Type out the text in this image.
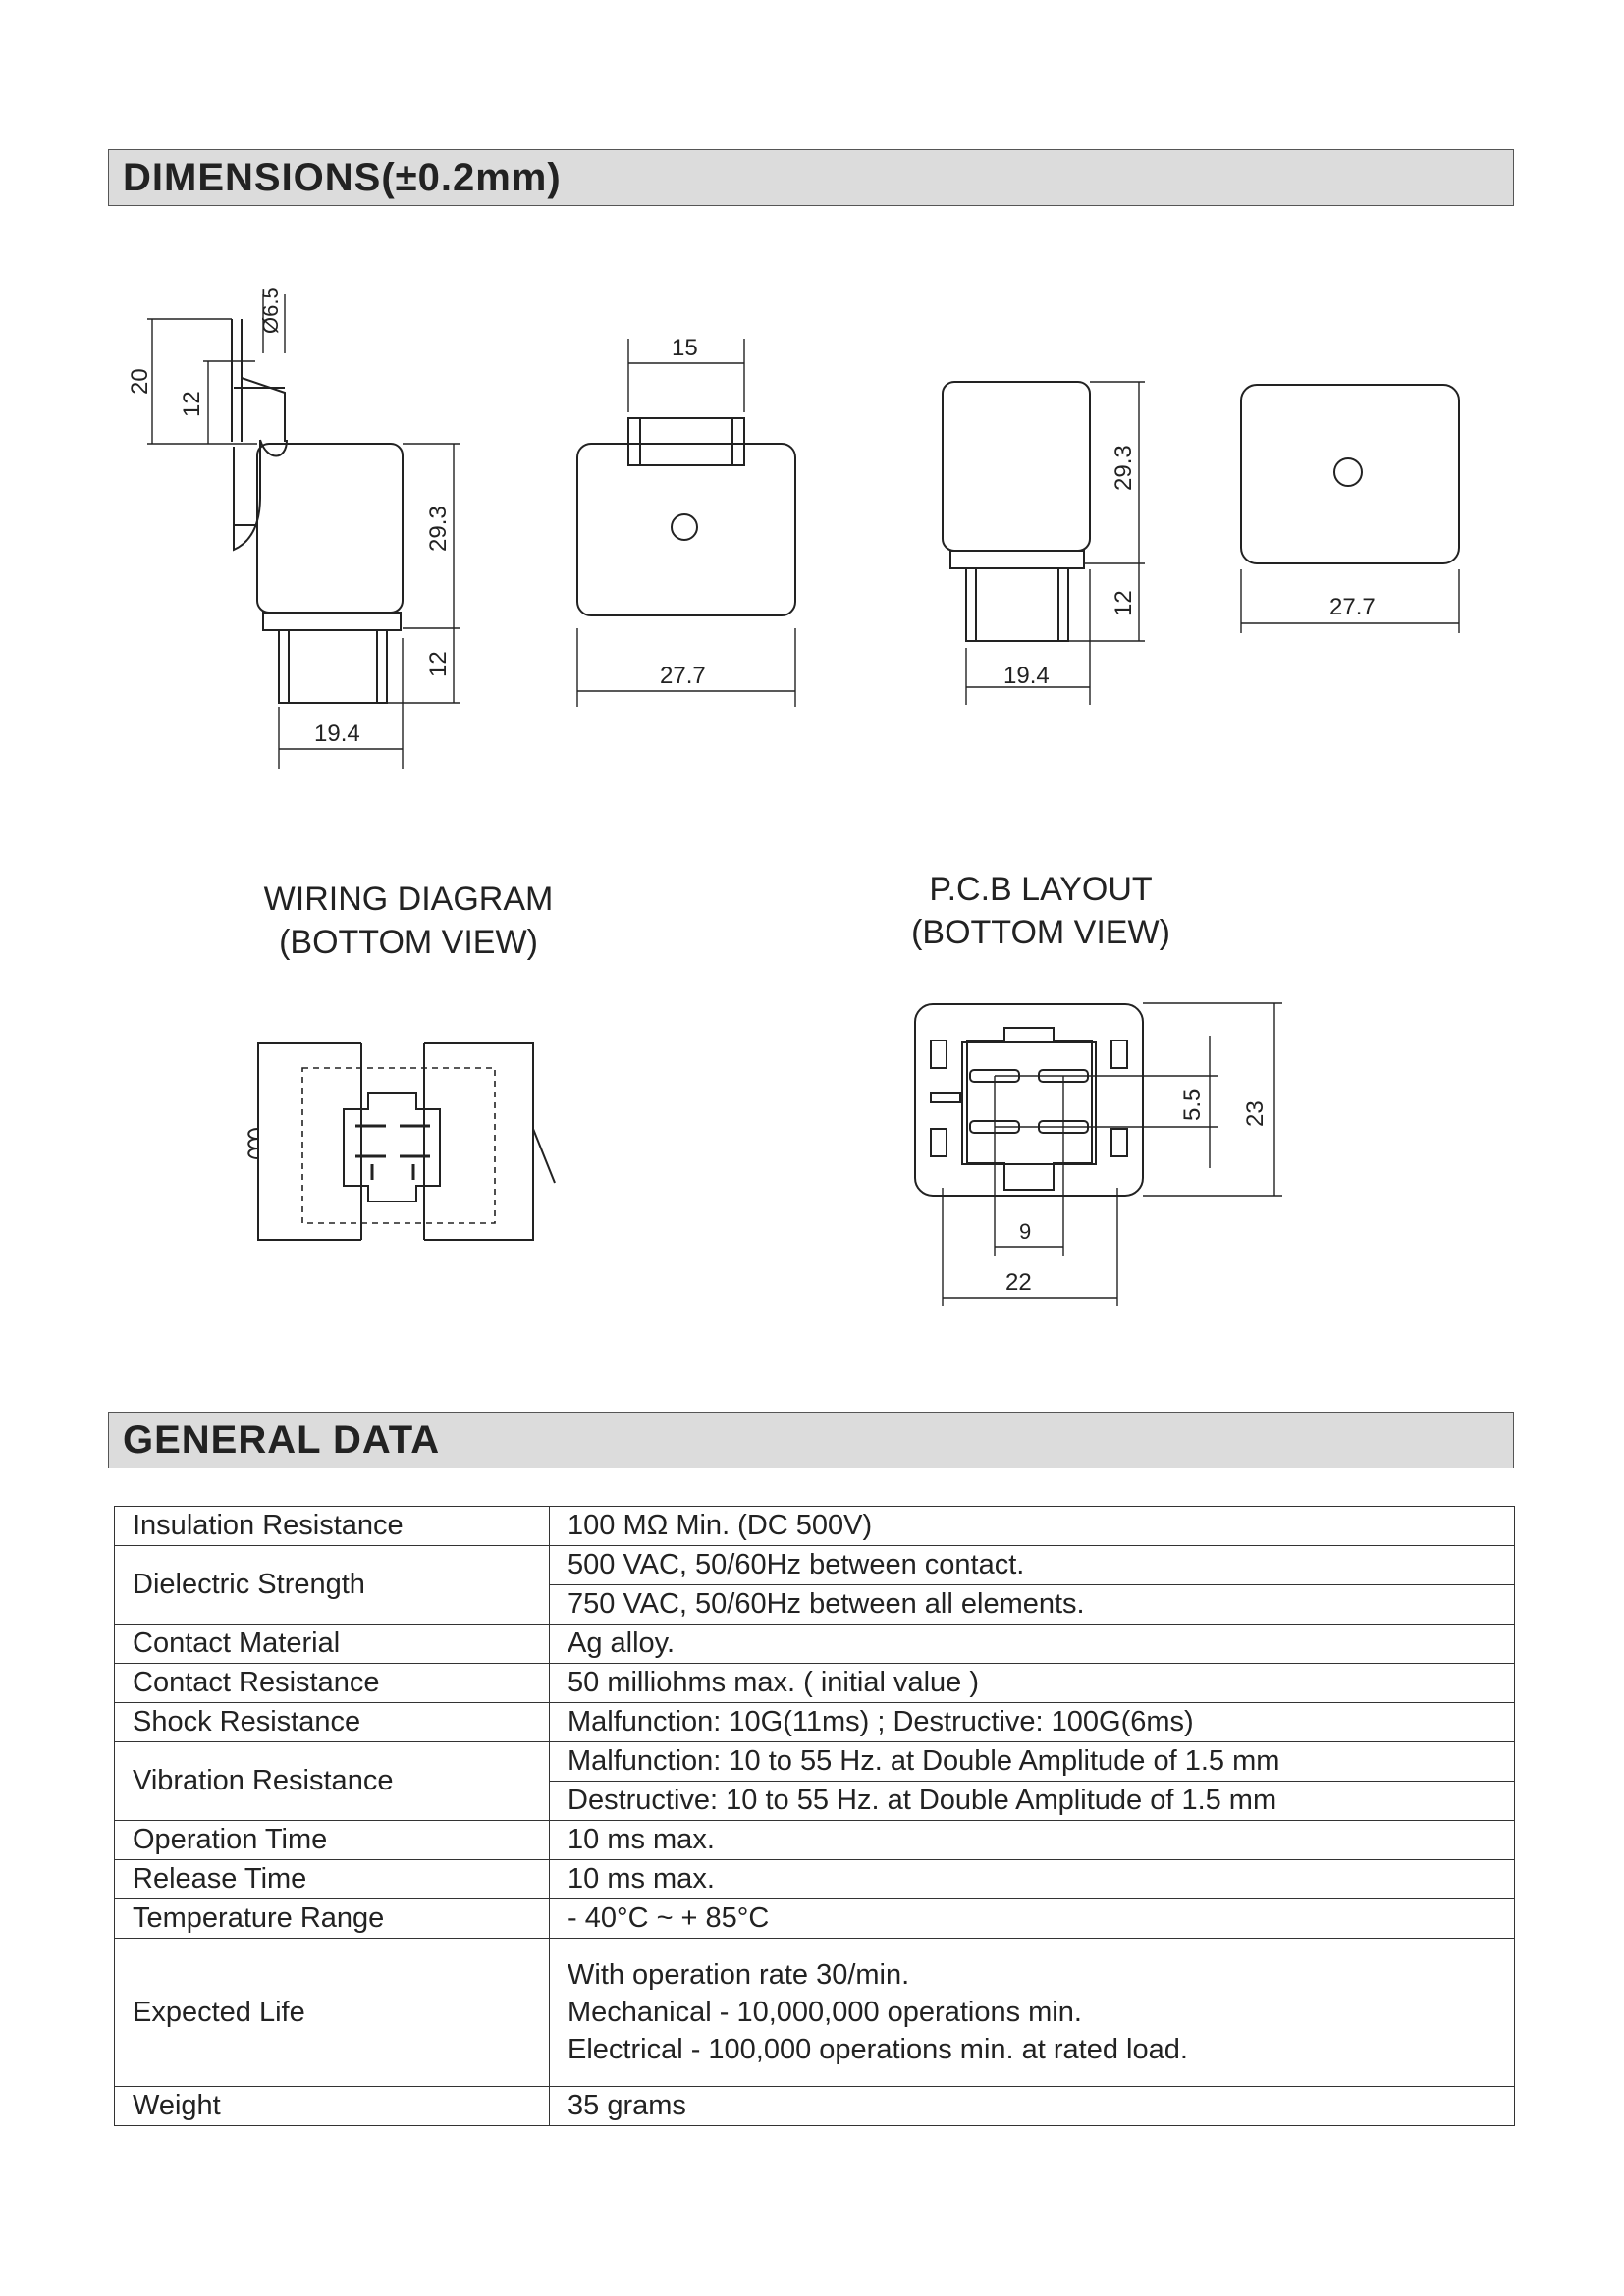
DIMENSIONS(±0.2mm)
Ø6.5
20
12
29.3
12
19.4
15
27.7
29.3
12
19.4
27.7
5.5 23
9
22
WIRING DIAGRAM
(BOTTOM VIEW)
P.C.B LAYOUT
(BOTTOM VIEW)
GENERAL DATA
Insulation Resistance	100 MΩ Min. (DC 500V)
Dielectric Strength	500 VAC, 50/60Hz between contact.
	750 VAC, 50/60Hz between all elements.
Contact Material	Ag alloy.
Contact Resistance	50 milliohms max. ( initial value )
Shock Resistance	Malfunction: 10G(11ms) ; Destructive: 100G(6ms)
Vibration Resistance	Malfunction: 10 to 55 Hz. at Double Amplitude of 1.5 mm
	Destructive: 10 to 55 Hz. at Double Amplitude of 1.5 mm
Operation Time	10 ms max.
Release Time	10 ms max.
Temperature Range	- 40°C ~ + 85°C
Expected Life	With operation rate 30/min.
Mechanical - 10,000,000 operations min.
Electrical - 100,000 operations min. at rated load.

Weight	35 grams
